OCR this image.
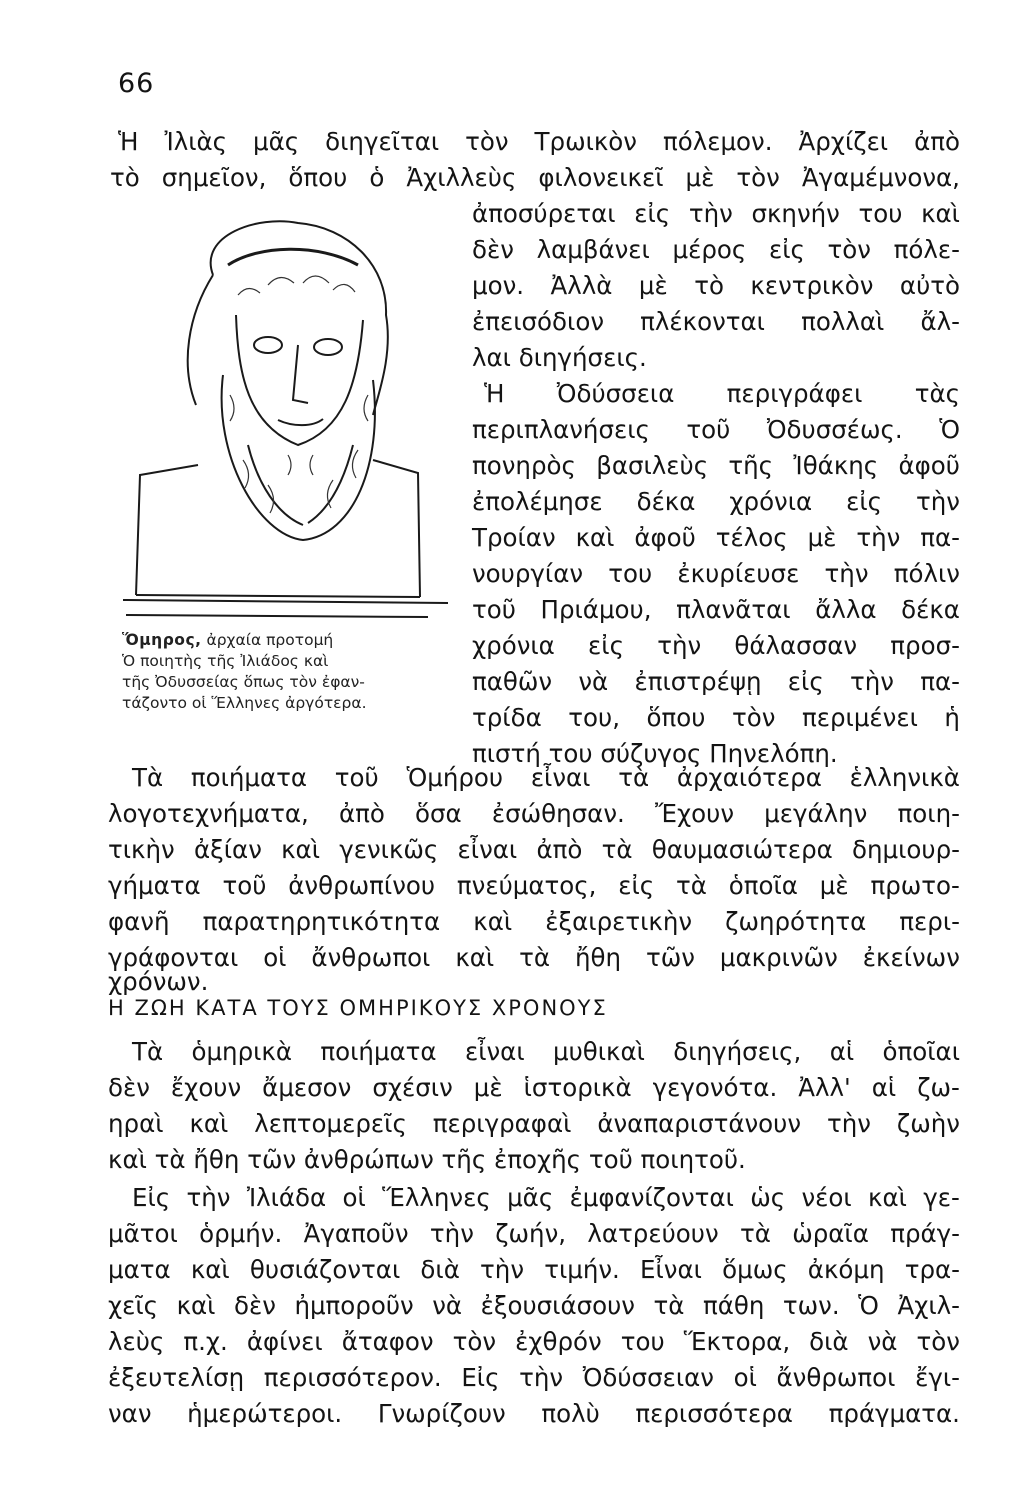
66
Ἡ Ἰλιὰς μᾶς διηγεῖται τὸν Τρωικὸν πόλεμον. Ἀρχίζει ἀπὸ
τὸ σημεῖον, ὅπου ὁ Ἀχιλλεὺς φιλονεικεῖ μὲ τὸν Ἀγαμέμνονα,
ἀποσύρεται εἰς τὴν σκηνήν του καὶ
δὲν λαμβάνει μέρος εἰς τὸν πόλε-
μον. Ἀλλὰ μὲ τὸ κεντρικὸν αὐτὸ
ἐπεισόδιον πλέκονται πολλαὶ ἄλ-
λαι διηγήσεις.
Ἡ Ὀδύσσεια περιγράφει τὰς
περιπλανήσεις τοῦ Ὀδυσσέως. Ὁ
πονηρὸς βασιλεὺς τῆς Ἰθάκης ἀφοῦ
ἐπολέμησε δέκα χρόνια εἰς τὴν
Τροίαν καὶ ἀφοῦ τέλος μὲ τὴν πα-
νουργίαν του ἐκυρίευσε τὴν πόλιν
τοῦ Πριάμου, πλανᾶται ἄλλα δέκα
χρόνια εἰς τὴν θάλασσαν προσ-
παθῶν νὰ ἐπιστρέψῃ εἰς τὴν πα-
τρίδα του, ὅπου τὸν περιμένει ἡ
πιστή του σύζυγος Πηνελόπη.
Ὅμηρος, ἀρχαία προτομή
Ὁ ποιητὴς τῆς Ἰλιάδος καὶ
τῆς Ὀδυσσείας ὅπως τὸν ἐφαν-
τάζοντο οἱ Ἕλληνες ἀργότερα.
Τὰ ποιήματα τοῦ Ὁμήρου εἶναι τὰ ἀρχαιότερα ἑλληνικὰ
λογοτεχνήματα, ἀπὸ ὅσα ἐσώθησαν. Ἔχουν μεγάλην ποιη-
τικὴν ἀξίαν καὶ γενικῶς εἶναι ἀπὸ τὰ θαυμασιώτερα δημιουρ-
γήματα τοῦ ἀνθρωπίνου πνεύματος, εἰς τὰ ὁποῖα μὲ πρωτο-
φανῆ παρατηρητικότητα καὶ ἐξαιρετικὴν ζωηρότητα περι-
γράφονται οἱ ἄνθρωποι καὶ τὰ ἤθη τῶν μακρινῶν ἐκείνων
χρόνων.
Η ΖΩΗ ΚΑΤΑ ΤΟΥΣ ΟΜΗΡΙΚΟΥΣ ΧΡΟΝΟΥΣ
Τὰ ὁμηρικὰ ποιήματα εἶναι μυθικαὶ διηγήσεις, αἱ ὁποῖαι
δὲν ἔχουν ἄμεσον σχέσιν μὲ ἱστορικὰ γεγονότα. Ἀλλ' αἱ ζω-
ηραὶ καὶ λεπτομερεῖς περιγραφαὶ ἀναπαριστάνουν τὴν ζωὴν
καὶ τὰ ἤθη τῶν ἀνθρώπων τῆς ἐποχῆς τοῦ ποιητοῦ.
Εἰς τὴν Ἰλιάδα οἱ Ἕλληνες μᾶς ἐμφανίζονται ὡς νέοι καὶ γε-
μᾶτοι ὁρμήν. Ἀγαποῦν τὴν ζωήν, λατρεύουν τὰ ὡραῖα πράγ-
ματα καὶ θυσιάζονται διὰ τὴν τιμήν. Εἶναι ὅμως ἀκόμη τρα-
χεῖς καὶ δὲν ἠμποροῦν νὰ ἐξουσιάσουν τὰ πάθη των. Ὁ Ἀχιλ-
λεὺς π.χ. ἀφίνει ἄταφον τὸν ἐχθρόν του Ἕκτορα, διὰ νὰ τὸν
ἐξευτελίσῃ περισσότερον. Εἰς τὴν Ὀδύσσειαν οἱ ἄνθρωποι ἔγι-
ναν ἡμερώτεροι. Γνωρίζουν πολὺ περισσότερα πράγματα.
